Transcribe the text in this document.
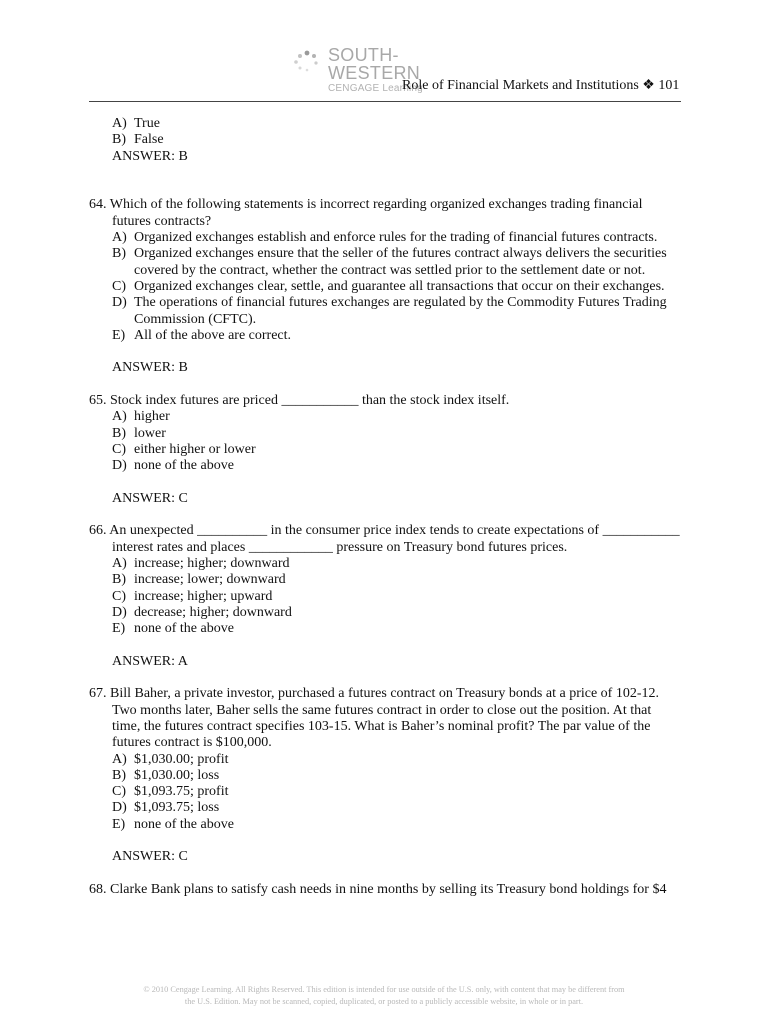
SOUTH-WESTERN
CENGAGE Learning
Role of Financial Markets and Institutions ❖ 101
A) True
B) False
ANSWER: B
64. Which of the following statements is incorrect regarding organized exchanges trading financial
futures contracts?
A) Organized exchanges establish and enforce rules for the trading of financial futures contracts.
B) Organized exchanges ensure that the seller of the futures contract always delivers the securities covered by the contract, whether the contract was settled prior to the settlement date or not.
C) Organized exchanges clear, settle, and guarantee all transactions that occur on their exchanges.
D) The operations of financial futures exchanges are regulated by the Commodity Futures Trading Commission (CFTC).
E) All of the above are correct.
ANSWER: B
65. Stock index futures are priced ___________ than the stock index itself.
A) higher
B) lower
C) either higher or lower
D) none of the above
ANSWER: C
66. An unexpected __________ in the consumer price index tends to create expectations of ___________
interest rates and places ____________ pressure on Treasury bond futures prices.
A) increase; higher; downward
B) increase; lower; downward
C) increase; higher; upward
D) decrease; higher; downward
E) none of the above
ANSWER: A
67. Bill Baher, a private investor, purchased a futures contract on Treasury bonds at a price of 102-12.
Two months later, Baher sells the same futures contract in order to close out the position. At that
time, the futures contract specifies 103-15. What is Baher’s nominal profit? The par value of the
futures contract is $100,000.
A) $1,030.00; profit
B) $1,030.00; loss
C) $1,093.75; profit
D) $1,093.75; loss
E) none of the above
ANSWER: C
68. Clarke Bank plans to satisfy cash needs in nine months by selling its Treasury bond holdings for $4
© 2010 Cengage Learning. All Rights Reserved. This edition is intended for use outside of the U.S. only, with content that may be different from
the U.S. Edition. May not be scanned, copied, duplicated, or posted to a publicly accessible website, in whole or in part.
